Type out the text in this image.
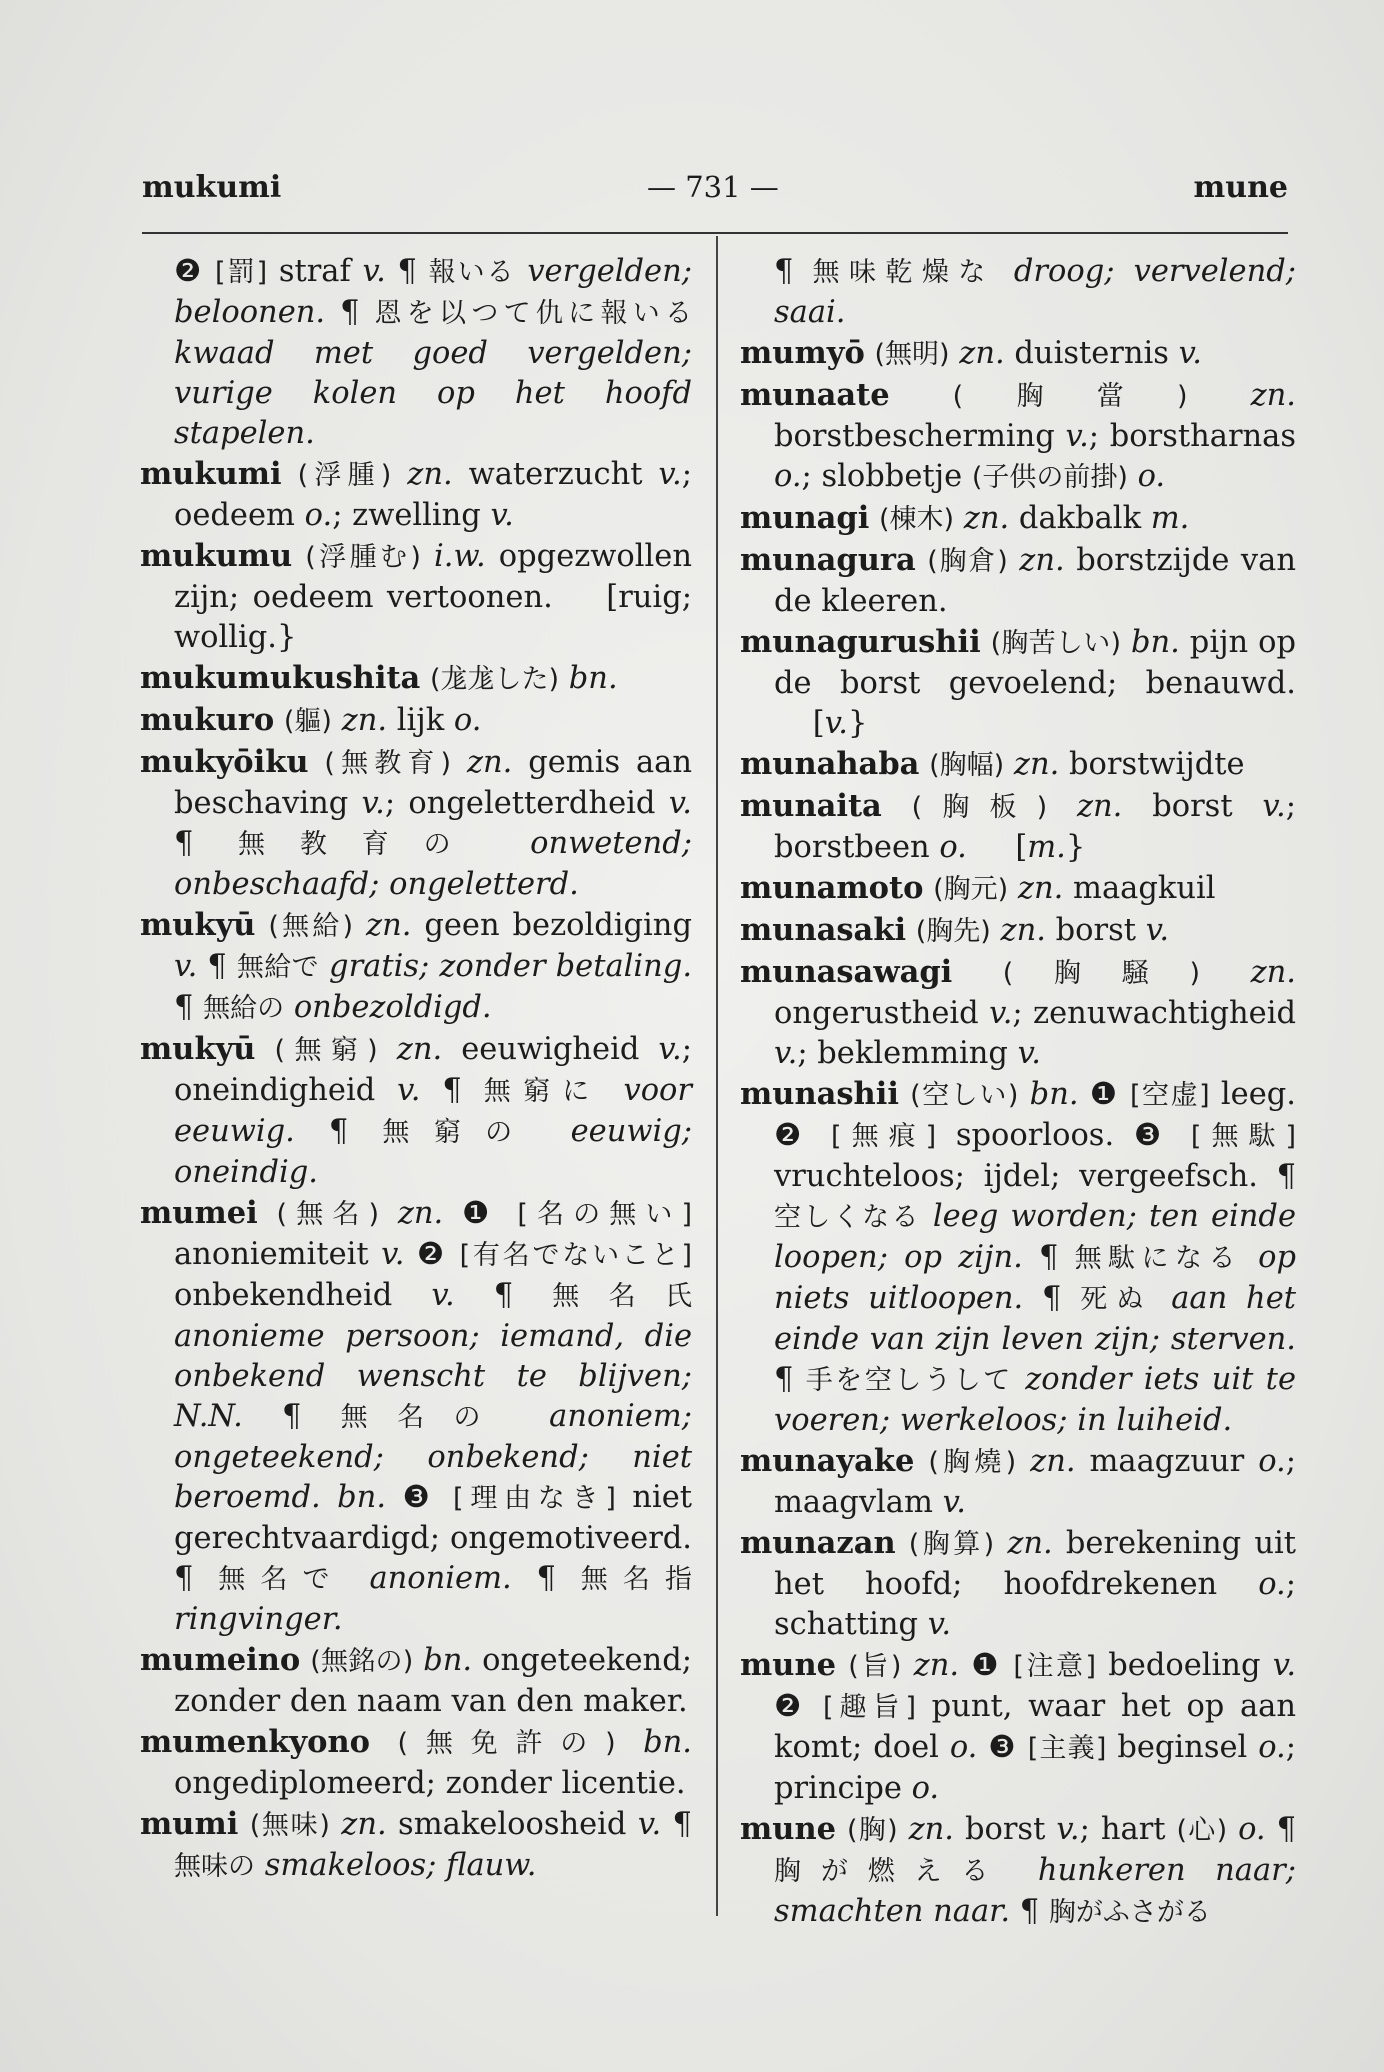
mukumi	— 731 —	mune

❷ [罰] straf v. ¶ 報いる vergelden; beloonen. ¶ 恩を以つて仇に報いる kwaad met goed vergelden; vurige kolen op het hoofd stapelen.

mukumi (浮腫) zn. waterzucht v.; oedeem o.; zwelling v.

mukumu (浮腫む) i.w. opgezwollen zijn; oedeem vertoonen.    [ruig; wollig.}

mukumukushita (尨尨した) bn.

mukuro (軀) zn. lijk o.

mukyōiku (無教育) zn. gemis aan beschaving v.; ongeletterdheid v. ¶ 無教育の onwetend; onbeschaafd; ongeletterd.

mukyū (無給) zn. geen bezoldiging v. ¶ 無給で gratis; zonder betaling. ¶ 無給の onbezoldigd.

mukyū (無窮) zn. eeuwigheid v.; oneindigheid v. ¶ 無窮に voor eeuwig. ¶ 無窮の eeuwig; oneindig.

mumei (無名) zn. ❶ [名の無い] anoniemiteit v. ❷ [有名でないこと] onbekendheid v. ¶ 無名氏 anonieme persoon; iemand, die onbekend wenscht te blijven; N.N. ¶ 無名の anoniem; ongeteekend; onbekend; niet beroemd. bn. ❸ [理由なき] niet gerechtvaardigd; ongemotiveerd. ¶ 無名で anoniem. ¶ 無名指 ringvinger.

mumeino (無銘の) bn. ongeteekend; zonder den naam van den maker.

mumenkyono (無免許の) bn. ongediplomeerd; zonder licentie.

mumi (無味) zn. smakeloosheid v. ¶ 無味の smakeloos; flauw.

¶ 無味乾燥な droog; vervelend; saai.

mumyō (無明) zn. duisternis v.

munaate (胸當) zn. borstbescherming v.; borstharnas o.; slobbetje (子供の前掛) o.

munagi (棟木) zn. dakbalk m.

munagura (胸倉) zn. borstzijde van de kleeren.

munagurushii (胸苦しい) bn. pijn op de borst gevoelend; benauwd.     [v.}

munahaba (胸幅) zn. borstwijdte

munaita (胸板) zn. borst v.; borstbeen o.     [m.}

munamoto (胸元) zn. maagkuil

munasaki (胸先) zn. borst v.

munasawagi (胸騒) zn. ongerustheid v.; zenuwachtigheid v.; beklemming v.

munashii (空しい) bn. ❶ [空虚] leeg. ❷ [無痕] spoorloos. ❸ [無駄] vruchteloos; ijdel; vergeefsch. ¶ 空しくなる leeg worden; ten einde loopen; op zijn. ¶ 無駄になる op niets uitloopen. ¶ 死ぬ aan het einde van zijn leven zijn; sterven. ¶ 手を空しうして zonder iets uit te voeren; werkeloos; in luiheid.

munayake (胸燒) zn. maagzuur o.; maagvlam v.

munazan (胸算) zn. berekening uit het hoofd; hoofdrekenen o.; schatting v.

mune (旨) zn. ❶ [注意] bedoeling v. ❷ [趣旨] punt, waar het op aan komt; doel o. ❸ [主義] beginsel o.; principe o.

mune (胸) zn. borst v.; hart (心) o. ¶ 胸が燃える hunkeren naar; smachten naar. ¶ 胸がふさがる
